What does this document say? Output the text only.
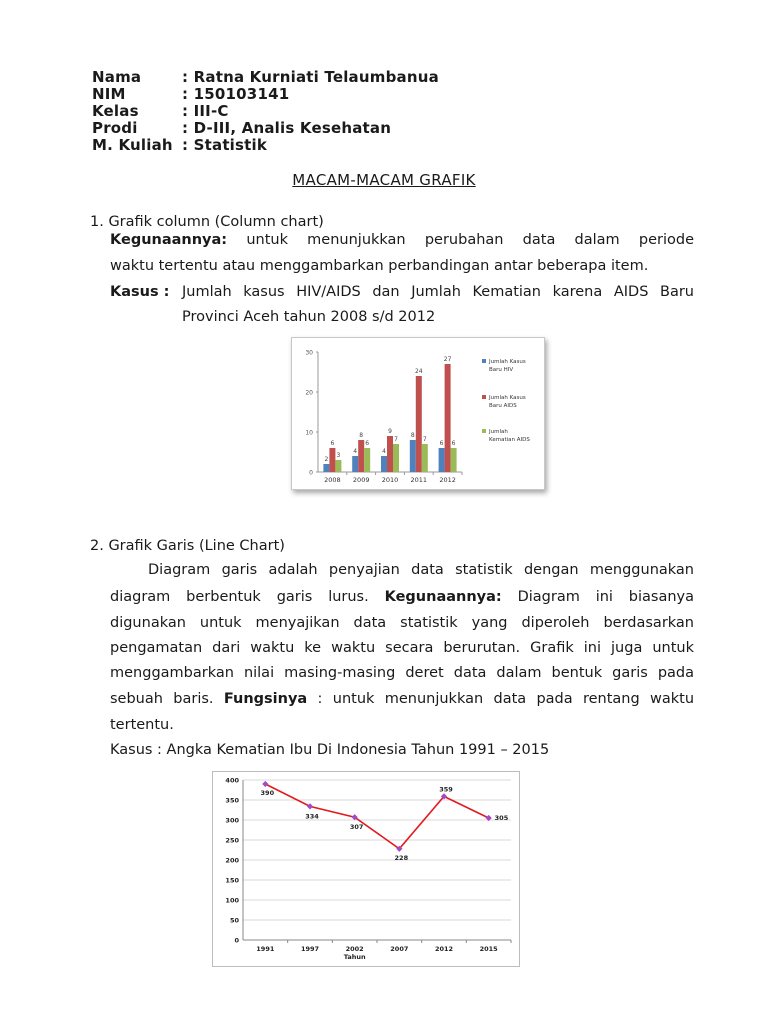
Nama	: Ratna Kurniati Telaumbanua
NIM	: 150103141
Kelas	: III-C
Prodi	: D-III, Analis Kesehatan
M. Kuliah : Statistik
MACAM-MACAM GRAFIK
1. Grafik column (Column chart)
Kegunaannya: untuk menunjukkan perubahan data dalam periode
waktu tertentu atau menggambarkan perbandingan antar beberapa item.
Kasus : Jumlah kasus HIV/AIDS dan Jumlah Kematian karena AIDS Baru
Provinci Aceh tahun 2008 s/d 2012
0
10
20
30
2008
2
6
3
2009
4
8
6
2010
4
9
7
2011
8
24
7
2012
6
27
6
Jumlah Kasus Baru HIV
Jumlah Kasus Baru AIDS
Jumlah Kematian AIDS
2. Grafik Garis (Line Chart)
Diagram garis adalah penyajian data statistik dengan menggunakan
diagram berbentuk garis lurus. Kegunaannya: Diagram ini biasanya
digunakan untuk menyajikan data statistik yang diperoleh berdasarkan
pengamatan dari waktu ke waktu secara berurutan. Grafik ini juga untuk
menggambarkan nilai masing-masing deret data dalam bentuk garis pada
sebuah baris. Fungsinya : untuk menunjukkan data pada rentang waktu
tertentu.
Kasus : Angka Kematian Ibu Di Indonesia Tahun 1991 – 2015
0
50
100
150
200
250
300
350
400
1991
390
1997
334
2002
307
2007
228
2012
359
2015
305
Tahun
